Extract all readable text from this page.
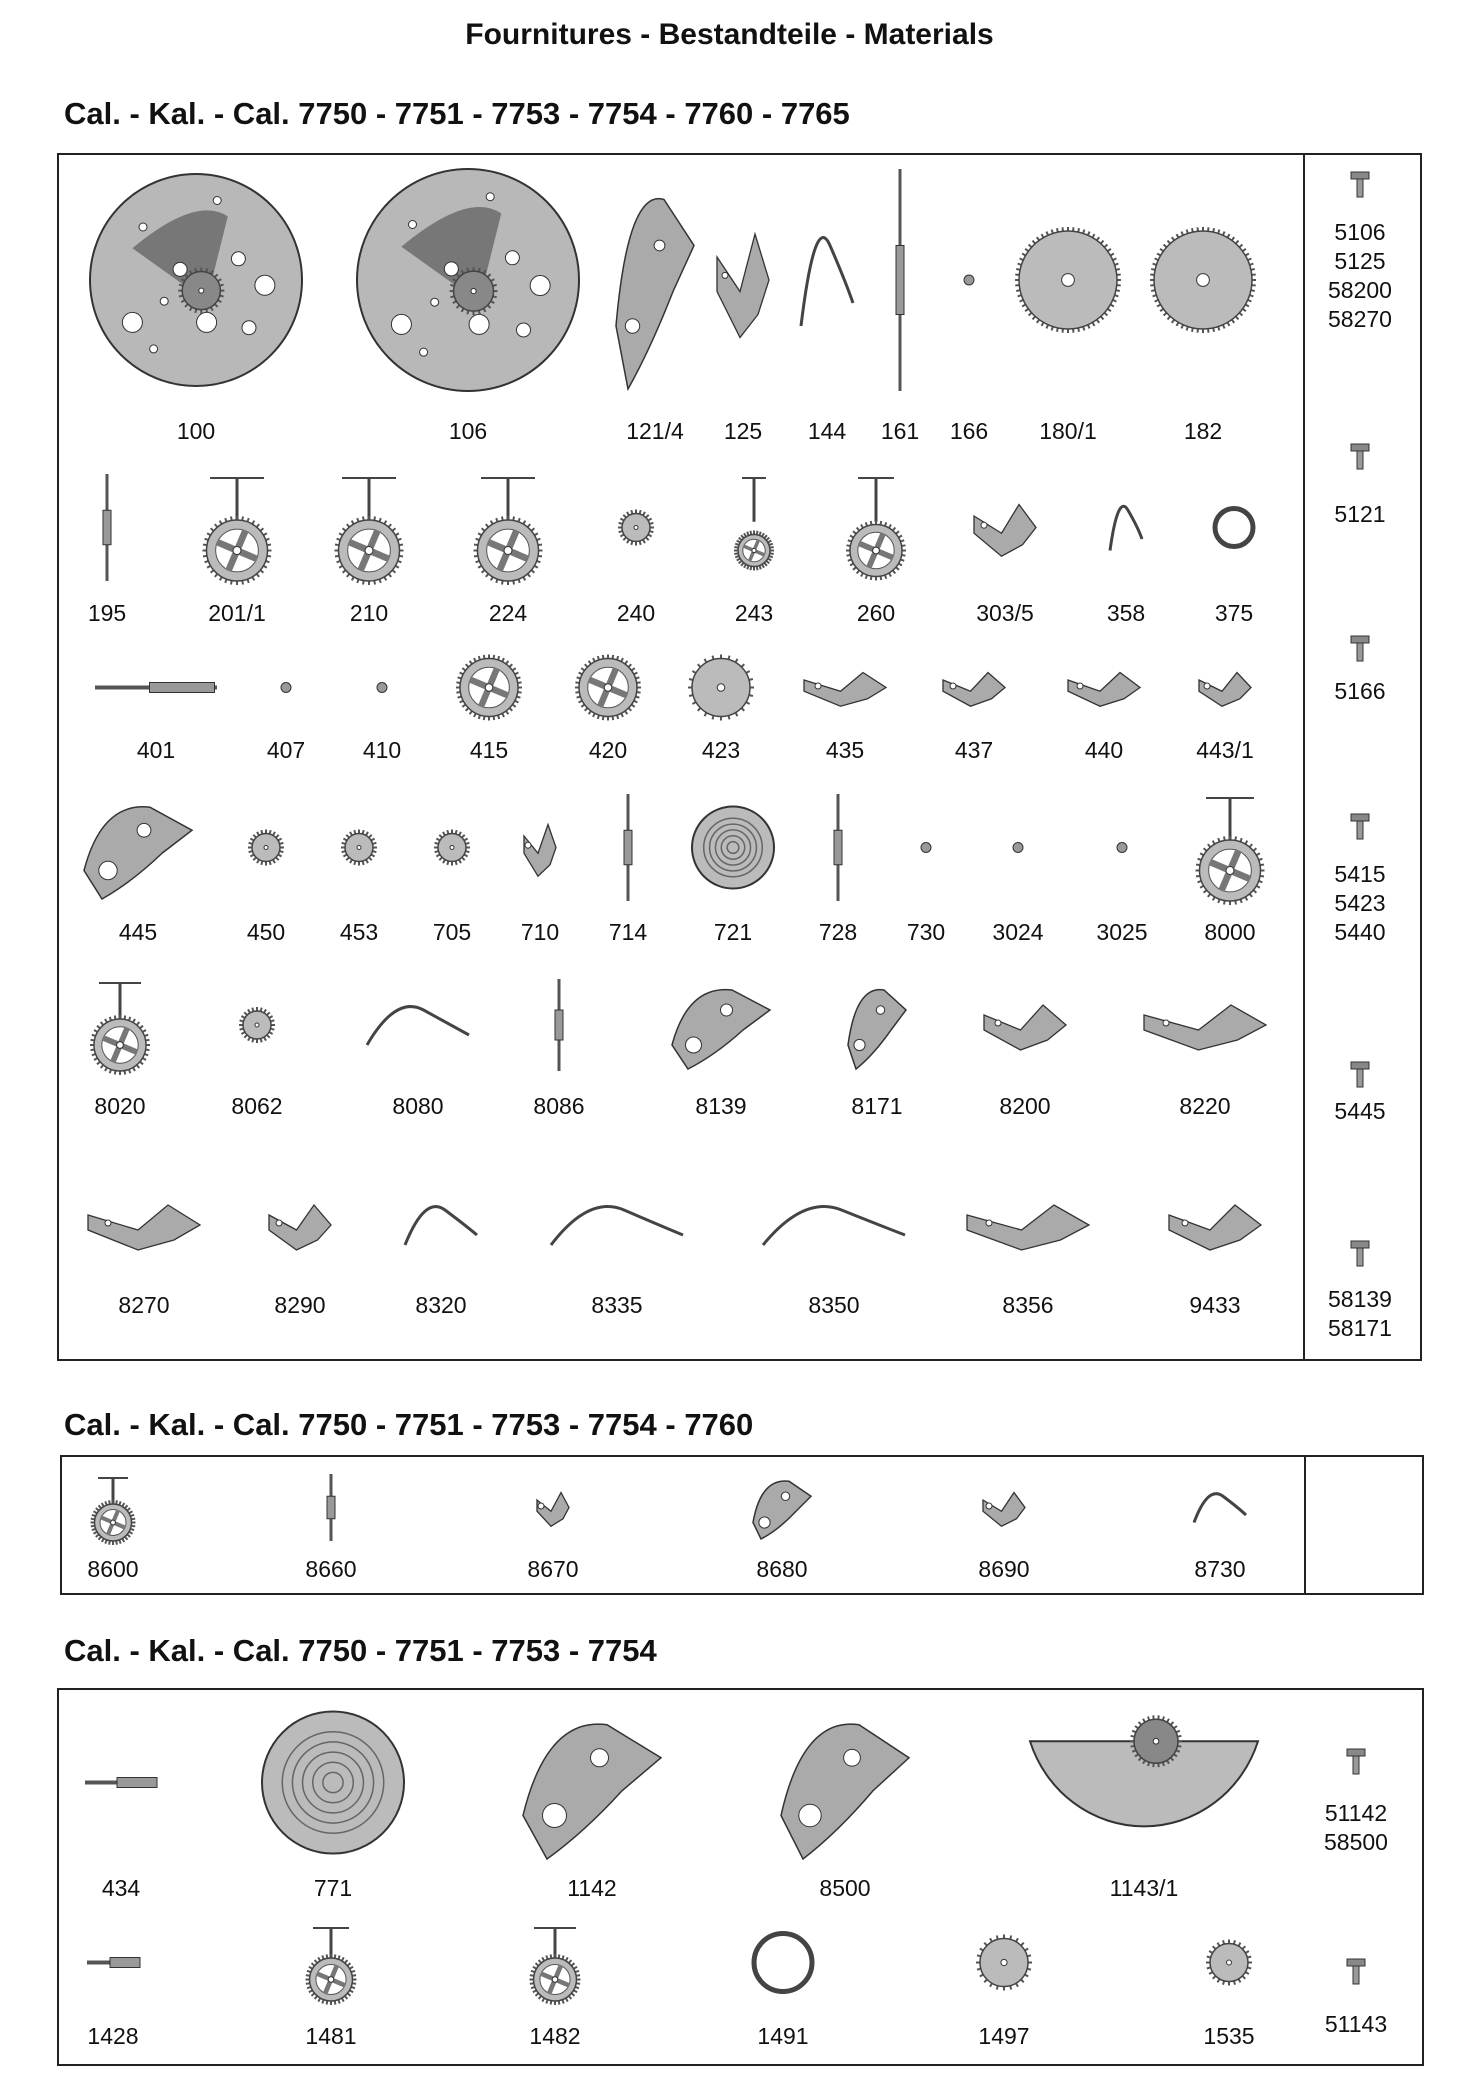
Fournitures - Bestandteile - Materials
Cal. - Kal. - Cal. 7750 - 7751 - 7753 - 7754 - 7760 - 7765
Cal. - Kal. - Cal. 7750 - 7751 - 7753 - 7754 - 7760
Cal. - Kal. - Cal. 7750 - 7751 - 7753 - 7754
100	106	121/4 125 144 161 166 180/1	182
195	201/1	210	224	240	243	260	303/5	358	375
401	407	410	415	420	423	435	437	440	443/1
445	450 453 705 710 714	721	728 730 3024 3025 8000
8020	8062	8080	8086	8139	8171	8200	8220
8270	8290	8320	8335	8350	8356	9433
8600	8660	8670	8680	8690	8730
434	771	1142	8500	1143/1
1428	1481	1482	1491	1497	1535
5106
5125
58200
58270
5121
5166
5415
5423
5440
5445
58139
58171
51142
58500
51143
